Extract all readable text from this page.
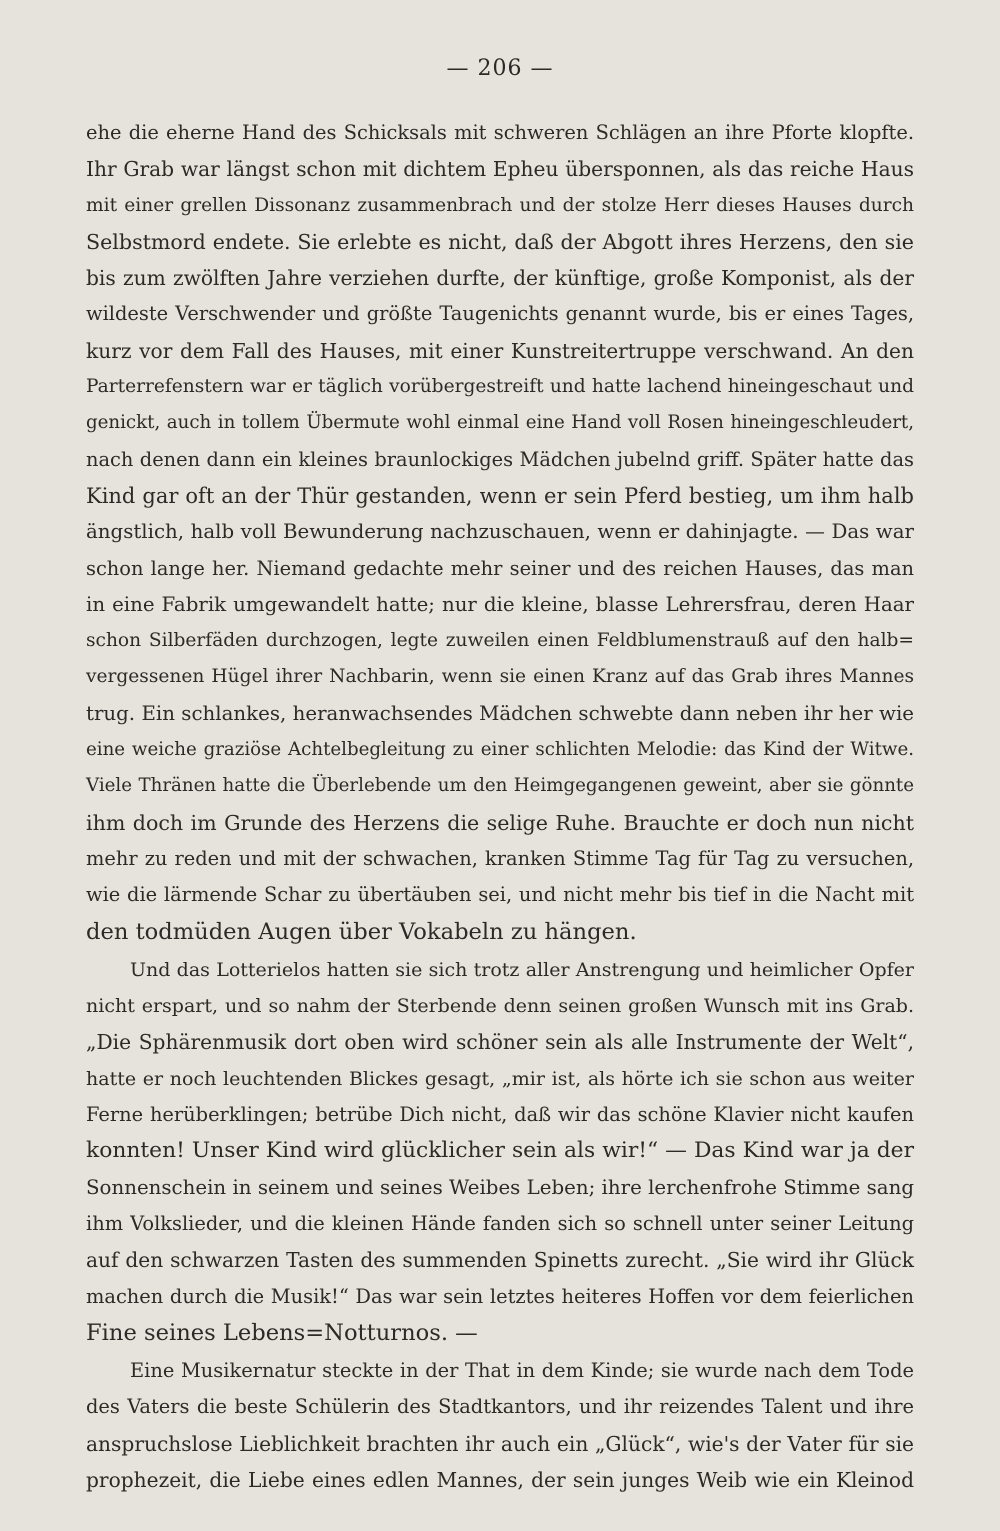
— 206 —

ehe die eherne Hand des Schicksals mit schweren Schlägen an ihre Pforte klopfte.
Ihr Grab war längst schon mit dichtem Epheu übersponnen, als das reiche Haus
mit einer grellen Dissonanz zusammenbrach und der stolze Herr dieses Hauses durch
Selbstmord endete. Sie erlebte es nicht, daß der Abgott ihres Herzens, den sie
bis zum zwölften Jahre verziehen durfte, der künftige, große Komponist, als der
wildeste Verschwender und größte Taugenichts genannt wurde, bis er eines Tages,
kurz vor dem Fall des Hauses, mit einer Kunstreitertruppe verschwand. An den
Parterrefenstern war er täglich vorübergestreift und hatte lachend hineingeschaut und
genickt, auch in tollem Übermute wohl einmal eine Hand voll Rosen hineingeschleudert,
nach denen dann ein kleines braunlockiges Mädchen jubelnd griff. Später hatte das
Kind gar oft an der Thür gestanden, wenn er sein Pferd bestieg, um ihm halb
ängstlich, halb voll Bewunderung nachzuschauen, wenn er dahinjagte. — Das war
schon lange her. Niemand gedachte mehr seiner und des reichen Hauses, das man
in eine Fabrik umgewandelt hatte; nur die kleine, blasse Lehrersfrau, deren Haar
schon Silberfäden durchzogen, legte zuweilen einen Feldblumenstrauß auf den halb=
vergessenen Hügel ihrer Nachbarin, wenn sie einen Kranz auf das Grab ihres Mannes
trug. Ein schlankes, heranwachsendes Mädchen schwebte dann neben ihr her wie
eine weiche graziöse Achtelbegleitung zu einer schlichten Melodie: das Kind der Witwe.
Viele Thränen hatte die Überlebende um den Heimgegangenen geweint, aber sie gönnte
ihm doch im Grunde des Herzens die selige Ruhe. Brauchte er doch nun nicht
mehr zu reden und mit der schwachen, kranken Stimme Tag für Tag zu versuchen,
wie die lärmende Schar zu übertäuben sei, und nicht mehr bis tief in die Nacht mit
den todmüden Augen über Vokabeln zu hängen.

Und das Lotterielos hatten sie sich trotz aller Anstrengung und heimlicher Opfer
nicht erspart, und so nahm der Sterbende denn seinen großen Wunsch mit ins Grab.
„Die Sphärenmusik dort oben wird schöner sein als alle Instrumente der Welt“,
hatte er noch leuchtenden Blickes gesagt, „mir ist, als hörte ich sie schon aus weiter
Ferne herüberklingen; betrübe Dich nicht, daß wir das schöne Klavier nicht kaufen
konnten! Unser Kind wird glücklicher sein als wir!“ — Das Kind war ja der
Sonnenschein in seinem und seines Weibes Leben; ihre lerchenfrohe Stimme sang
ihm Volkslieder, und die kleinen Hände fanden sich so schnell unter seiner Leitung
auf den schwarzen Tasten des summenden Spinetts zurecht. „Sie wird ihr Glück
machen durch die Musik!“ Das war sein letztes heiteres Hoffen vor dem feierlichen
Fine seines Lebens=Notturnos. —

Eine Musikernatur steckte in der That in dem Kinde; sie wurde nach dem Tode
des Vaters die beste Schülerin des Stadtkantors, und ihr reizendes Talent und ihre
anspruchslose Lieblichkeit brachten ihr auch ein „Glück“, wie's der Vater für sie
prophezeit, die Liebe eines edlen Mannes, der sein junges Weib wie ein Kleinod
